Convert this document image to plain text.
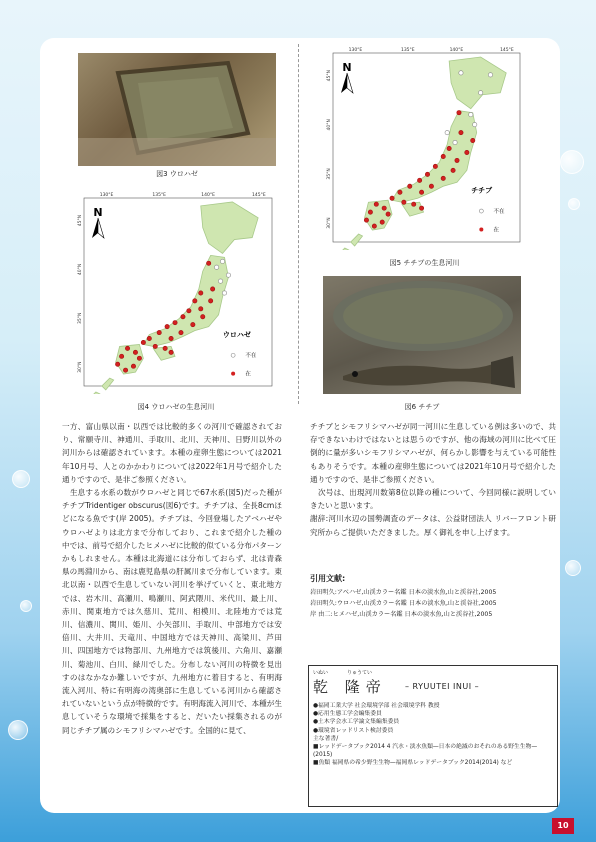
図3 ウロハゼ
130°E	135°E	140°E	145°E
45°N
40°N
35°N
30°N
N
ウロハゼ
不在
在
図4 ウロハゼの生息河川
130°E	135°E	140°E	145°E
45°N
40°N
35°N
30°N
N
チチブ
不在
在
図5 チチブの生息河川
図6 チチブ

一方、富山県以南・以西では比較的多くの河川で確認されており、常願寺川、神通川、手取川、北川、天神川、日野川以外の河川からは確認されています。本種の産卵生態については2021年10月号、人とのかかわりについては2022年1月号で紹介した通りですので、是非ご参照ください。

生息する水系の数がウロハゼと同じで67水系(図5)だった種がチチブTridentiger obscurus(図6)です。チチブは、全長8cmほどになる魚です(岸 2005)。チチブは、今回登場したアベハゼやウロハゼよりは北方まで分布しており、これまで紹介した種の中では、前号で紹介したヒメハゼに比較的似ている分布パターンかもしれません。本種は北海道には分布しておらず、北は青森県の馬淵川から、南は鹿児島県の肝属川まで分布しています。東北以南・以西で生息していない河川を挙げていくと、東北地方では、岩木川、高瀬川、鳴瀬川、阿武隈川、米代川、最上川、赤川、関東地方では久慈川、荒川、相模川、北陸地方では荒川、信濃川、関川、姫川、小矢部川、手取川、中部地方では安倍川、大井川、天竜川、中国地方では天神川、高梁川、芦田川、四国地方では物部川、九州地方では筑後川、六角川、嘉瀬川、菊池川、白川、緑川でした。分布しない河川の特徴を見出すのはなかなか難しいですが、九州地方に着目すると、有明海流入河川、特に有明海の湾奥部に生息している河川から確認されていないという点が特徴的です。有明海流入河川で、本種が生息していそうな環境で採集をすると、だいたい採集されるのが同じチチブ属のシモフリシマハゼです。全国的に見て、

チチブとシモフリシマハゼが同一河川に生息している例は多いので、共存できないわけではないとは思うのですが、他の海域の河川に比べて圧倒的に量が多いシモフリシマハゼが、何らかし影響を与えている可能性もありそうです。本種の産卵生態については2021年10月号で紹介した通りですので、是非ご参照ください。

次号は、出現河川数第8位以降の種について、今回同様に説明していきたいと思います。

謝辞:河川水辺の国勢調査のデータは、公益財団法人 リバーフロント研究所からご提供いただきました。厚く御礼を申し上げます。

引用文献:
岩田明久:アベハゼ,山渓カラー名鑑 日本の淡水魚,山と渓谷社,2005
岩田明久:ウロハゼ,山渓カラー名鑑 日本の淡水魚,山と渓谷社,2005
岸 由二:ヒメハゼ,山渓カラー名鑑 日本の淡水魚,山と渓谷社,2005
いぬい	りゅうてい
乾 隆帝 – RYUUTEI INUI –
●福岡工業大学 社会環境学部 社会環境学科 教授
●応用生態工学会編集委員
●土木学会水工学論文集編集委員
●環境省レッドリスト検討委員
主な著書/
■レッドデータブック2014 4 汽水・淡水魚類—日本の絶滅のおそれのある野生生物—(2015)
■魚類 福岡県の希少野生生物—福岡県レッドデータブック2014(2014) など
10
